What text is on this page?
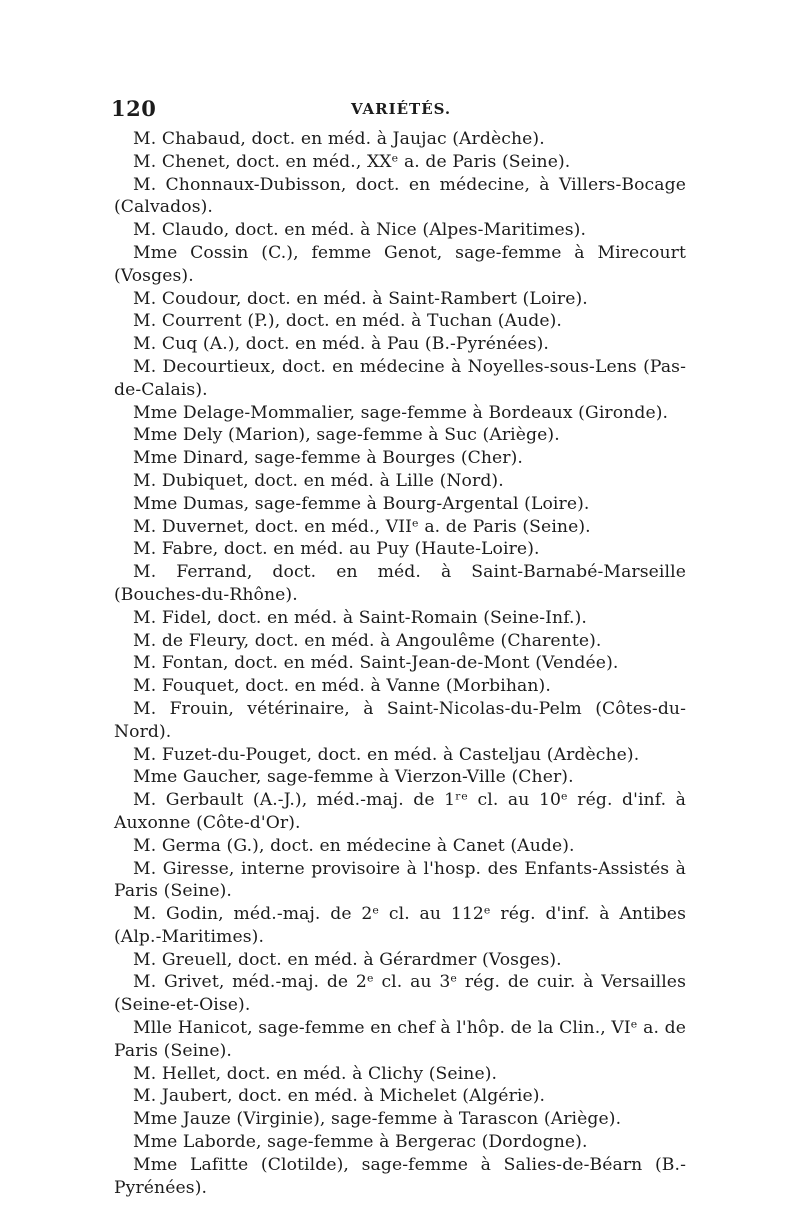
120	VARIÉTÉS.

M. Chabaud, doct. en méd. à Jaujac (Ardèche).

M. Chenet, doct. en méd., XXᵉ a. de Paris (Seine).

M. Chonnaux-Dubisson, doct. en médecine, à Villers-Bocage (Calvados).

M. Claudo, doct. en méd. à Nice (Alpes-Maritimes).

Mme Cossin (C.), femme Genot, sage-femme à Mirecourt (Vosges).

M. Coudour, doct. en méd. à Saint-Rambert (Loire).

M. Courrent (P.), doct. en méd. à Tuchan (Aude).

M. Cuq (A.), doct. en méd. à Pau (B.-Pyrénées).

M. Decourtieux, doct. en médecine à Noyelles-sous-Lens (Pas-de-Calais).

Mme Delage-Mommalier, sage-femme à Bordeaux (Gironde).

Mme Dely (Marion), sage-femme à Suc (Ariège).

Mme Dinard, sage-femme à Bourges (Cher).

M. Dubiquet, doct. en méd. à Lille (Nord).

Mme Dumas, sage-femme à Bourg-Argental (Loire).

M. Duvernet, doct. en méd., VIIᵉ a. de Paris (Seine).

M. Fabre, doct. en méd. au Puy (Haute-Loire).

M. Ferrand, doct. en méd. à Saint-Barnabé-Marseille (Bouches-du-Rhône).

M. Fidel, doct. en méd. à Saint-Romain (Seine-Inf.).

M. de Fleury, doct. en méd. à Angoulême (Charente).

M. Fontan, doct. en méd. Saint-Jean-de-Mont (Vendée).

M. Fouquet, doct. en méd. à Vanne (Morbihan).

M. Frouin, vétérinaire, à Saint-Nicolas-du-Pelm (Côtes-du-Nord).

M. Fuzet-du-Pouget, doct. en méd. à Casteljau (Ardèche).

Mme Gaucher, sage-femme à Vierzon-Ville (Cher).

M. Gerbault (A.-J.), méd.-maj. de 1ʳᵉ cl. au 10ᵉ rég. d'inf. à Auxonne (Côte-d'Or).

M. Germa (G.), doct. en médecine à Canet (Aude).

M. Giresse, interne provisoire à l'hosp. des Enfants-Assistés à Paris (Seine).

M. Godin, méd.-maj. de 2ᵉ cl. au 112ᵉ rég. d'inf. à Antibes (Alp.-Maritimes).

M. Greuell, doct. en méd. à Gérardmer (Vosges).

M. Grivet, méd.-maj. de 2ᵉ cl. au 3ᵉ rég. de cuir. à Versailles (Seine-et-Oise).

Mlle Hanicot, sage-femme en chef à l'hôp. de la Clin., VIᵉ a. de Paris (Seine).

M. Hellet, doct. en méd. à Clichy (Seine).

M. Jaubert, doct. en méd. à Michelet (Algérie).

Mme Jauze (Virginie), sage-femme à Tarascon (Ariège).

Mme Laborde, sage-femme à Bergerac (Dordogne).

Mme Lafitte (Clotilde), sage-femme à Salies-de-Béarn (B.-Pyrénées).
